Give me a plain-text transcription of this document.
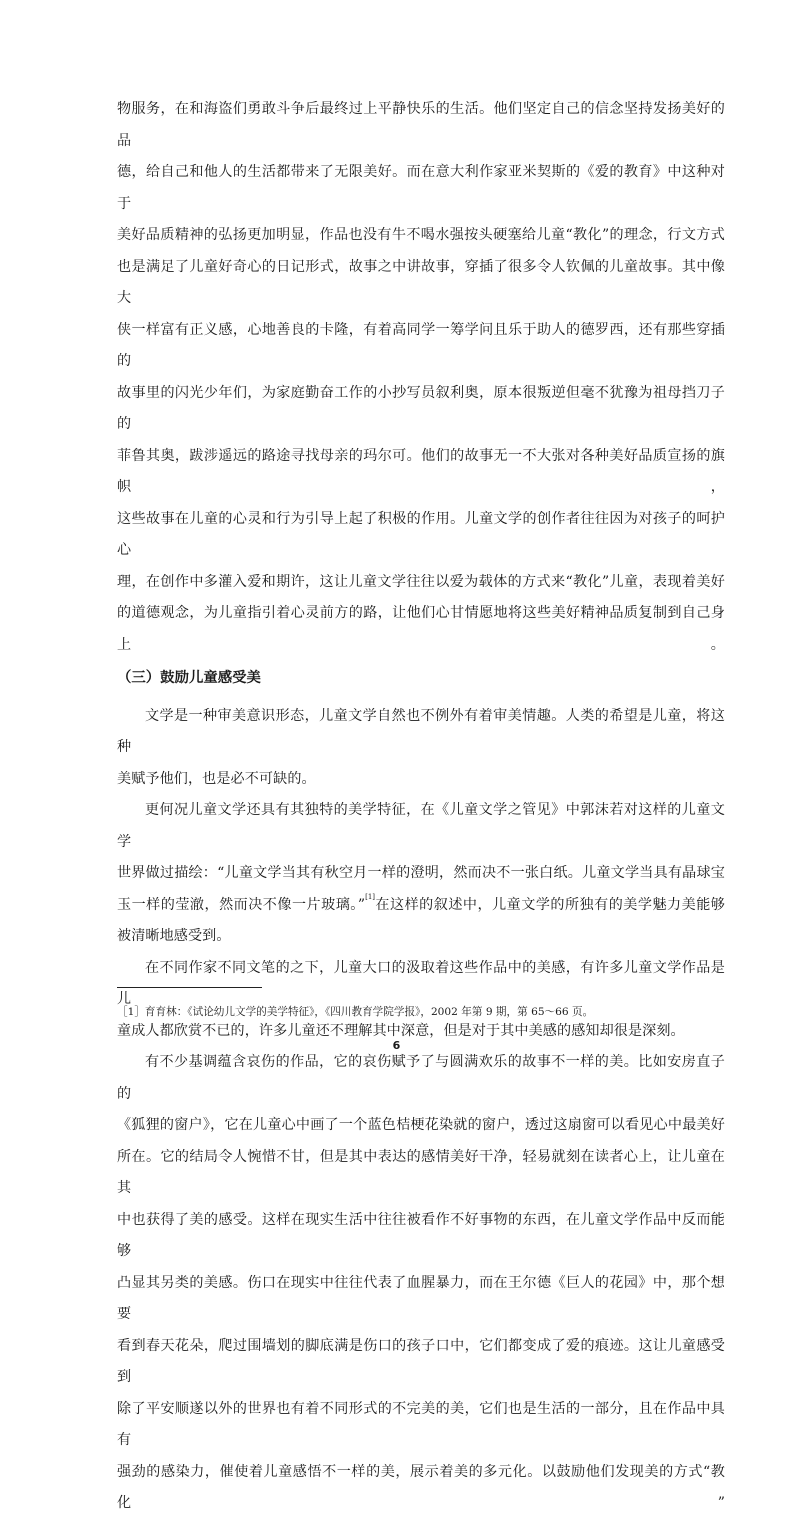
物服务，在和海盗们勇敢斗争后最终过上平静快乐的生活。他们坚定自己的信念坚持发扬美好的品
德，给自己和他人的生活都带来了无限美好。而在意大利作家亚米契斯的《爱的教育》中这种对于
美好品质精神的弘扬更加明显，作品也没有牛不喝水强按头硬塞给儿童“教化”的理念，行文方式
也是满足了儿童好奇心的日记形式，故事之中讲故事，穿插了很多令人钦佩的儿童故事。其中像大
侠一样富有正义感，心地善良的卡隆，有着高同学一筹学问且乐于助人的德罗西，还有那些穿插的
故事里的闪光少年们，为家庭勤奋工作的小抄写员叙利奥，原本很叛逆但毫不犹豫为祖母挡刀子的
菲鲁其奥，跋涉遥远的路途寻找母亲的玛尔可。他们的故事无一不大张对各种美好品质宣扬的旗帜，
这些故事在儿童的心灵和行为引导上起了积极的作用。儿童文学的创作者往往因为对孩子的呵护心
理，在创作中多灌入爱和期许，这让儿童文学往往以爱为载体的方式来“教化”儿童，表现着美好
的道德观念，为儿童指引着心灵前方的路，让他们心甘情愿地将这些美好精神品质复制到自己身上。

（三）鼓励儿童感受美

文学是一种审美意识形态，儿童文学自然也不例外有着审美情趣。人类的希望是儿童，将这种
美赋予他们，也是必不可缺的。

更何况儿童文学还具有其独特的美学特征，在《儿童文学之管见》中郭沫若对这样的儿童文学
世界做过描绘：“儿童文学当其有秋空月一样的澄明，然而决不一张白纸。儿童文学当具有晶球宝
玉一样的莹澈，然而决不像一片玻璃。”[1]在这样的叙述中，儿童文学的所独有的美学魅力美能够
被清晰地感受到。

在不同作家不同文笔的之下，儿童大口的汲取着这些作品中的美感，有许多儿童文学作品是儿
童成人都欣赏不已的，许多儿童还不理解其中深意，但是对于其中美感的感知却很是深刻。

有不少基调蕴含哀伤的作品，它的哀伤赋予了与圆满欢乐的故事不一样的美。比如安房直子的
《狐狸的窗户》，它在儿童心中画了一个蓝色桔梗花染就的窗户，透过这扇窗可以看见心中最美好
所在。它的结局令人惋惜不甘，但是其中表达的感情美好干净，轻易就刻在读者心上，让儿童在其
中也获得了美的感受。这样在现实生活中往往被看作不好事物的东西，在儿童文学作品中反而能够
凸显其另类的美感。伤口在现实中往往代表了血腥暴力，而在王尔德《巨人的花园》中，那个想要
看到春天花朵，爬过围墙划的脚底满是伤口的孩子口中，它们都变成了爱的痕迹。这让儿童感受到
除了平安顺遂以外的世界也有着不同形式的不完美的美，它们也是生活的一部分，且在作品中具有
强劲的感染力，催使着儿童感悟不一样的美，展示着美的多元化。以鼓励他们发现美的方式“教化”

［1］育育林：《试论幼儿文学的美学特征》，《四川教育学院学报》，2002 年第 9 期，第 65～66 页。
6
